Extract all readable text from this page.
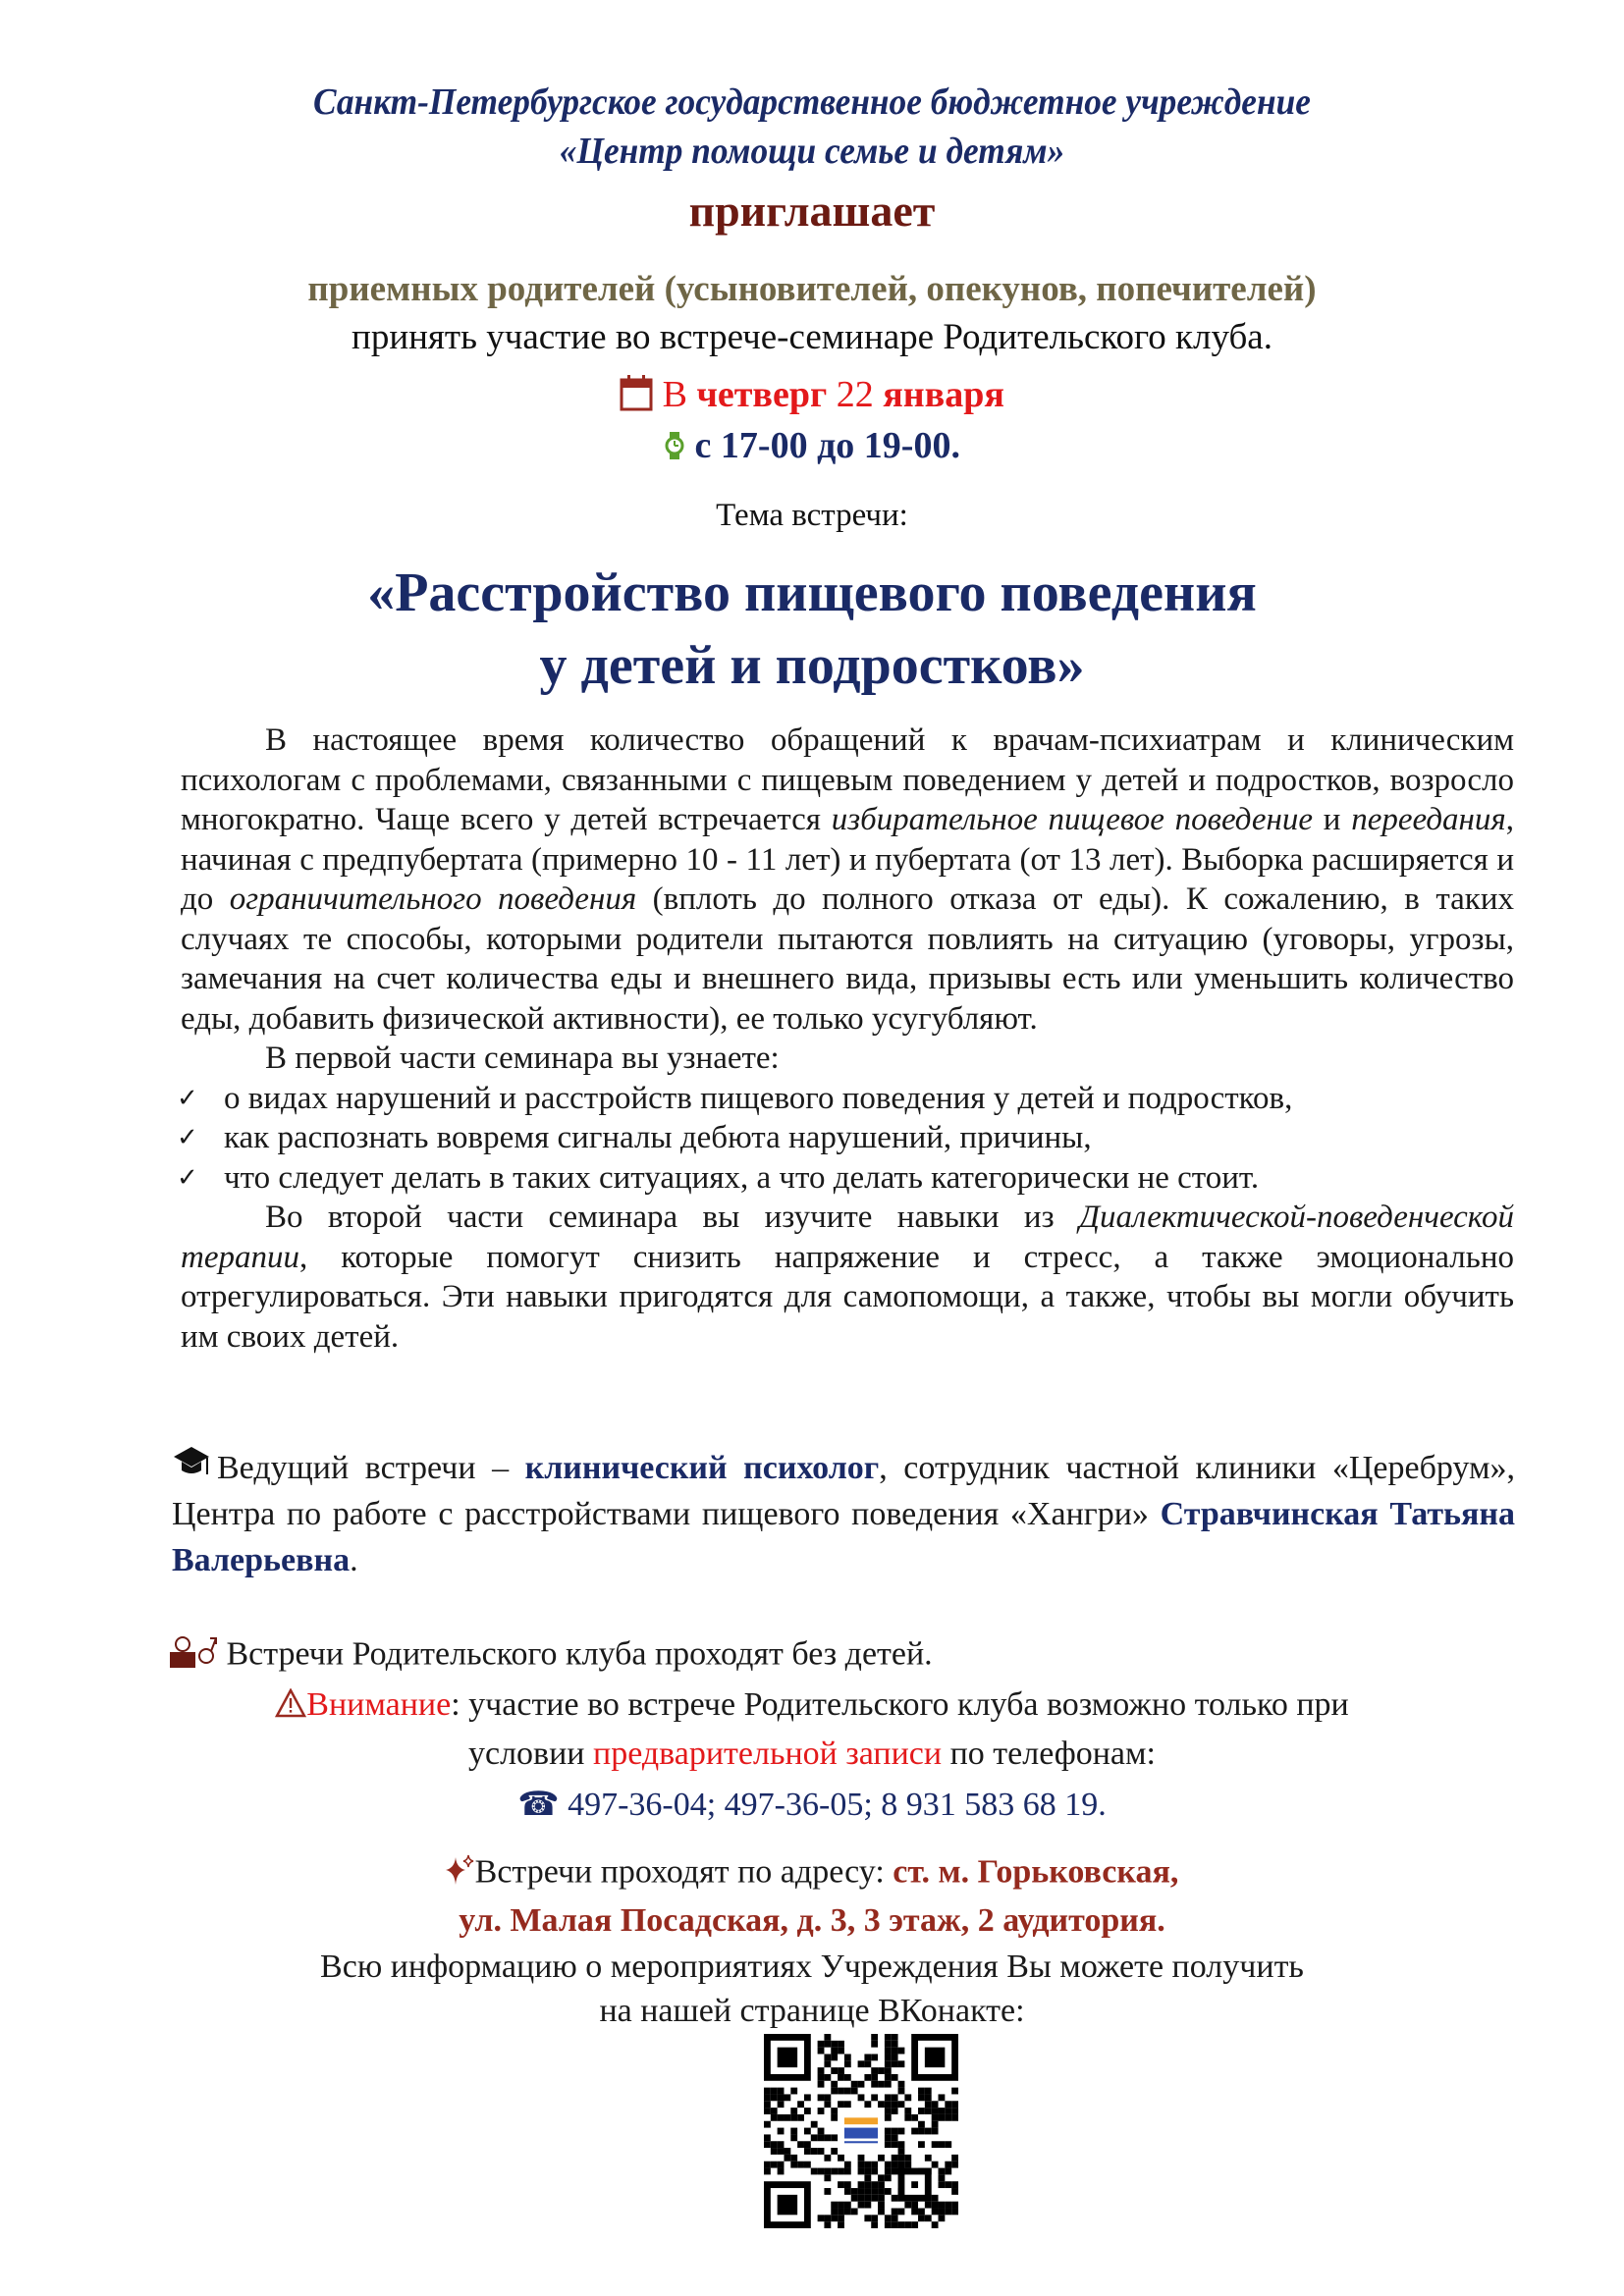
Санкт-Петербургское государственное бюджетное учреждение
«Центр помощи семье и детям»
приглашает
приемных родителей (усыновителей, опекунов, попечителей)
принять участие во встрече-семинаре Родительского клуба.
В четверг 22 января
с 17-00 до 19-00.
Тема встречи:
«Расстройство пищевого поведения
у детей и подростков»

В настоящее время количество обращений к врачам-психиатрам и клиническим психологам с проблемами, связанными с пищевым поведением у детей и подростков, возросло многократно. Чаще всего у детей встречается избирательное пищевое поведение и переедания, начиная с предпубертата (примерно 10 - 11 лет) и пубертата (от 13 лет). Выборка расширяется и до ограничительного поведения (вплоть до полного отказа от еды). К сожалению, в таких случаях те способы, которыми родители пытаются повлиять на ситуацию (уговоры, угрозы, замечания на счет количества еды и внешнего вида, призывы есть или уменьшить количество еды, добавить физической активности), ее только усугубляют.

В первой части семинара вы узнаете:

✓ о видах нарушений и расстройств пищевого поведения у детей и подростков,
✓ как распознать вовремя сигналы дебюта нарушений, причины,
✓ что следует делать в таких ситуациях, а что делать категорически не стоит.

Во второй части семинара вы изучите навыки из Диалектической-поведенческой терапии, которые помогут снизить напряжение и стресс, а также эмоционально отрегулироваться. Эти навыки пригодятся для самопомощи, а также, чтобы вы могли обучить им своих детей.

Ведущий встречи – клинический психолог, сотрудник частной клиники «Церебрум», Центра по работе с расстройствами пищевого поведения «Хангри» Стравчинская Татьяна Валерьевна.
Встречи Родительского клуба проходят без детей.
Внимание: участие во встрече Родительского клуба возможно только при
условии предварительной записи по телефонам:
☎ 497-36-04; 497-36-05; 8 931 583 68 19.
Встречи проходят по адресу: ст. м. Горьковская,
ул. Малая Посадская, д. 3, 3 этаж, 2 аудитория.
Всю информацию о мероприятиях Учреждения Вы можете получить
на нашей странице ВКонакте:
